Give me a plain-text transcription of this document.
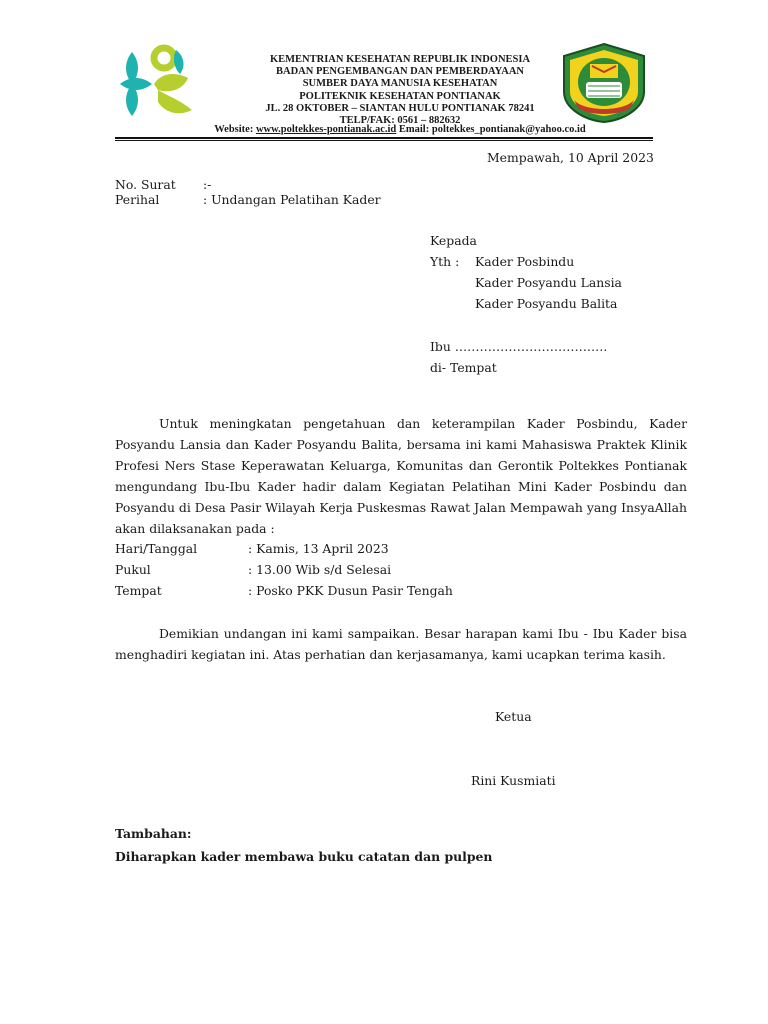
KEMENTRIAN KESEHATAN REPUBLIK INDONESIA
BADAN PENGEMBANGAN DAN PEMBERDAYAAN
SUMBER DAYA MANUSIA KESEHATAN
POLITEKNIK KESEHATAN PONTIANAK
JL. 28 OKTOBER – SIANTAN HULU PONTIANAK 78241
TELP/FAK: 0561 – 882632
Website: www.poltekkes-pontianak.ac.id Email: poltekkes_pontianak@yahoo.co.id
Mempawah, 10 April 2023
No. Surat :-
Perihal	: Undangan Pelatihan Kader
Kepada
Yth : Kader Posbindu
Kader Posyandu Lansia
Kader Posyandu Balita
Ibu ……………………………….
di- Tempat
Untuk meningkatan pengetahuan dan keterampilan Kader Posbindu, Kader Posyandu Lansia dan Kader Posyandu Balita, bersama ini kami Mahasiswa Praktek Klinik Profesi Ners Stase Keperawatan Keluarga, Komunitas dan Gerontik Poltekkes Pontianak mengundang Ibu-Ibu Kader hadir dalam Kegiatan Pelatihan Mini Kader Posbindu dan Posyandu di Desa Pasir Wilayah Kerja Puskesmas Rawat Jalan Mempawah yang InsyaAllah akan dilaksanakan pada :
Hari/Tanggal	: Kamis, 13 April 2023
Pukul	: 13.00 Wib s/d Selesai
Tempat	: Posko PKK Dusun Pasir Tengah
Demikian undangan ini kami sampaikan. Besar harapan kami Ibu - Ibu Kader bisa menghadiri kegiatan ini. Atas perhatian dan kerjasamanya, kami ucapkan terima kasih.
Ketua
Rini Kusmiati
Tambahan:
Diharapkan kader membawa buku catatan dan pulpen
